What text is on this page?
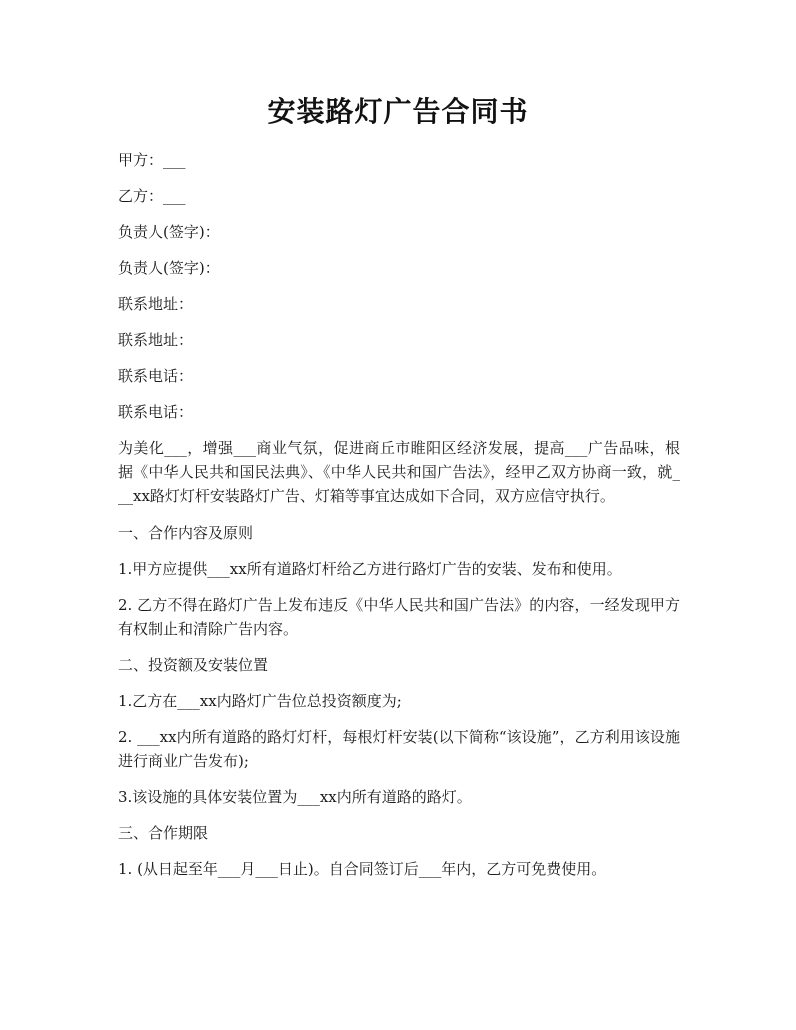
安装路灯广告合同书

甲方：___

乙方：___

负责人(签字)：

负责人(签字)：

联系地址：

联系地址：

联系电话：

联系电话：

为美化___，增强___商业气氛，促进商丘市睢阳区经济发展，提高___广告品味，根据《中华人民共和国民法典》、《中华人民共和国广告法》，经甲乙双方协商一致，就___xx路灯灯杆安装路灯广告、灯箱等事宜达成如下合同，双方应信守执行。

一、合作内容及原则

1.甲方应提供___xx所有道路灯杆给乙方进行路灯广告的安装、发布和使用。

2. 乙方不得在路灯广告上发布违反《中华人民共和国广告法》的内容，一经发现甲方有权制止和清除广告内容。

二、投资额及安装位置

1.乙方在___xx内路灯广告位总投资额度为;

2. ___xx内所有道路的路灯灯杆，每根灯杆安装(以下简称“该设施”，乙方利用该设施进行商业广告发布);

3.该设施的具体安装位置为___xx内所有道路的路灯。

三、合作期限

1. (从日起至年___月___日止)。自合同签订后___年内，乙方可免费使用。
